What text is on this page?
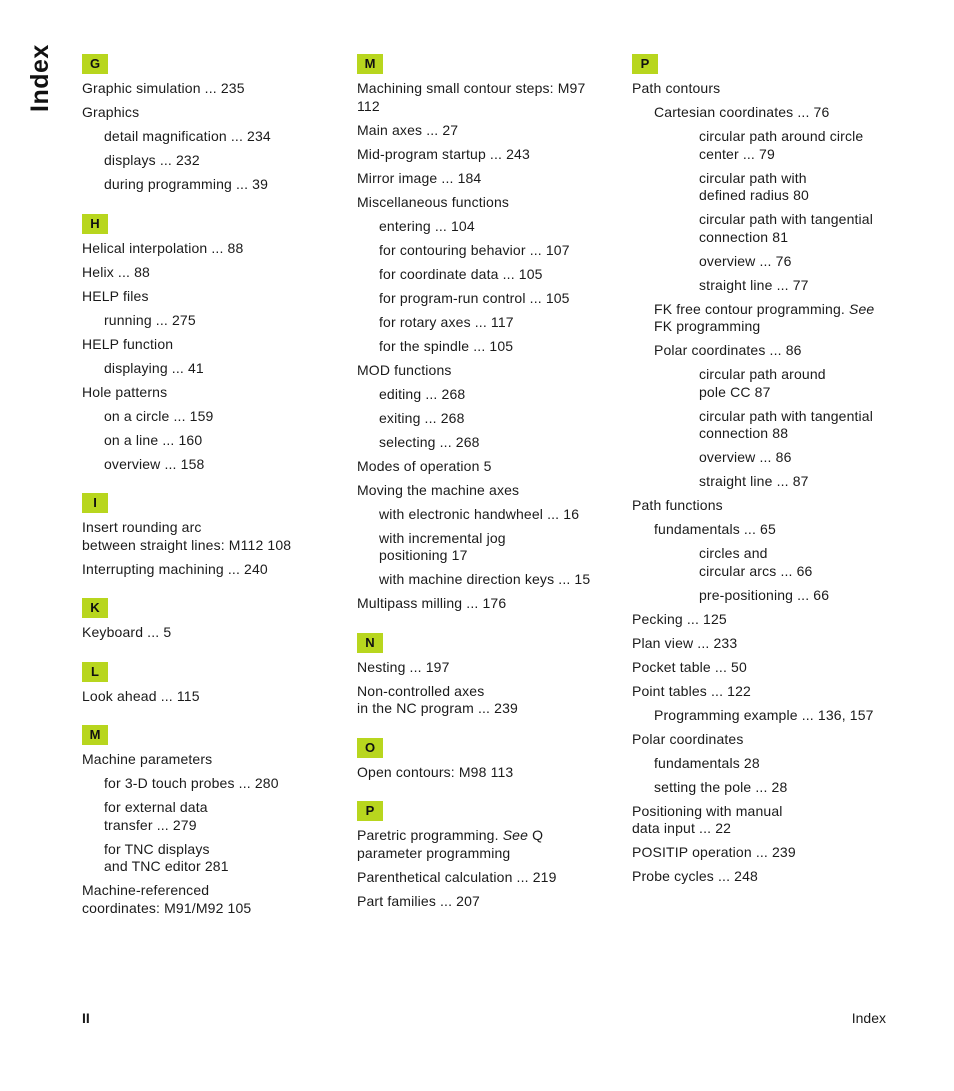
Index	G
Graphic simulation ... 235
Graphics
detail magnification ... 234
displays ... 232
during programming ... 39
H
Helical interpolation ... 88
Helix ... 88
HELP files
running ... 275
HELP function
displaying ... 41
Hole patterns
on a circle ... 159
on a line ... 160
overview ... 158
I
Insert rounding arc
between straight lines: M112 108
Interrupting machining ... 240
K
Keyboard ... 5
L
Look ahead ... 115
M
Machine parameters
for 3-D touch probes ... 280
for external data
transfer ... 279
for TNC displays
and TNC editor 281
Machine-referenced
coordinates: M91/M92 105
M
Machining small contour steps: M97
112
Main axes ... 27
Mid-program startup ... 243
Mirror image ... 184
Miscellaneous functions
entering ... 104
for contouring behavior ... 107
for coordinate data ... 105
for program-run control ... 105
for rotary axes ... 117
for the spindle ... 105
MOD functions
editing ... 268
exiting ... 268
selecting ... 268
Modes of operation 5
Moving the machine axes
with electronic handwheel ... 16
with incremental jog
positioning 17
with machine direction keys ... 15
Multipass milling ... 176
N
Nesting ... 197
Non-controlled axes
in the NC program ... 239
O
Open contours: M98 113
P
Paretric programming. See Q
parameter programming
Parenthetical calculation ... 219
Part families ... 207
P
Path contours
Cartesian coordinates ... 76
circular path around circle
center ... 79
circular path with
defined radius 80
circular path with tangential
connection 81
overview ... 76
straight line ... 77
FK free contour programming. See
FK programming
Polar coordinates ... 86
circular path around
pole CC 87
circular path with tangential
connection 88
overview ... 86
straight line ... 87
Path functions
fundamentals ... 65
circles and
circular arcs ... 66
pre-positioning ... 66
Pecking ... 125
Plan view ... 233
Pocket table ... 50
Point tables ... 122
Programming example ... 136, 157
Polar coordinates
fundamentals 28
setting the pole ... 28
Positioning with manual
data input ... 22
POSITIP operation ... 239
Probe cycles ... 248
II	Index
